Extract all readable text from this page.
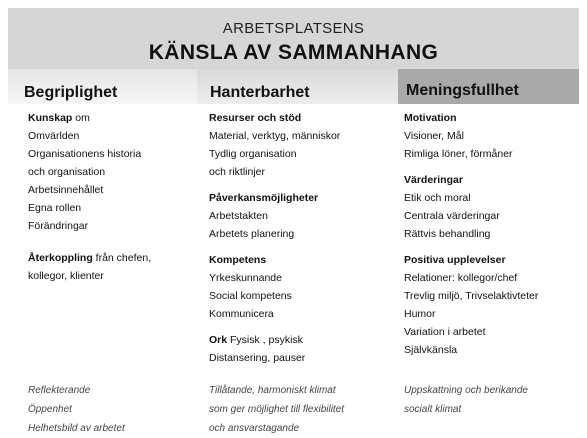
ARBETSPLATSENS
KÄNSLA AV SAMMANHANG
Begriplighet	Hanterbarhet	Meningsfullhet
Kunskap om
Omvärlden
Organisationens historia
och organisation
Arbetsinnehållet
Egna rollen
Förändringar
Återkoppling från chefen,
kollegor, klienter
Resurser och stöd
Material, verktyg, människor
Tydlig organisation
och riktlinjer
Påverkansmöjligheter
Arbetstakten
Arbetets planering
Kompetens
Yrkeskunnande
Social kompetens
Kommunicera
Ork Fysisk , psykisk
Distansering, pauser
Motivation
Visioner, Mål
Rimliga löner, förmåner
Värderingar
Etik och moral
Centrala värderingar
Rättvis behandling
Positiva upplevelser
Relationer: kollegor/chef
Trevlig miljö, Trivselaktivteter
Humor
Variation i arbetet
Självkänsla
Reflekterande
Öppenhet
Helhetsbild av arbetet
Tillåtande, harmoniskt klimat
som ger möjlighet till flexibilitet
och ansvarstagande
Uppskattning och berikande
socialt klimat
